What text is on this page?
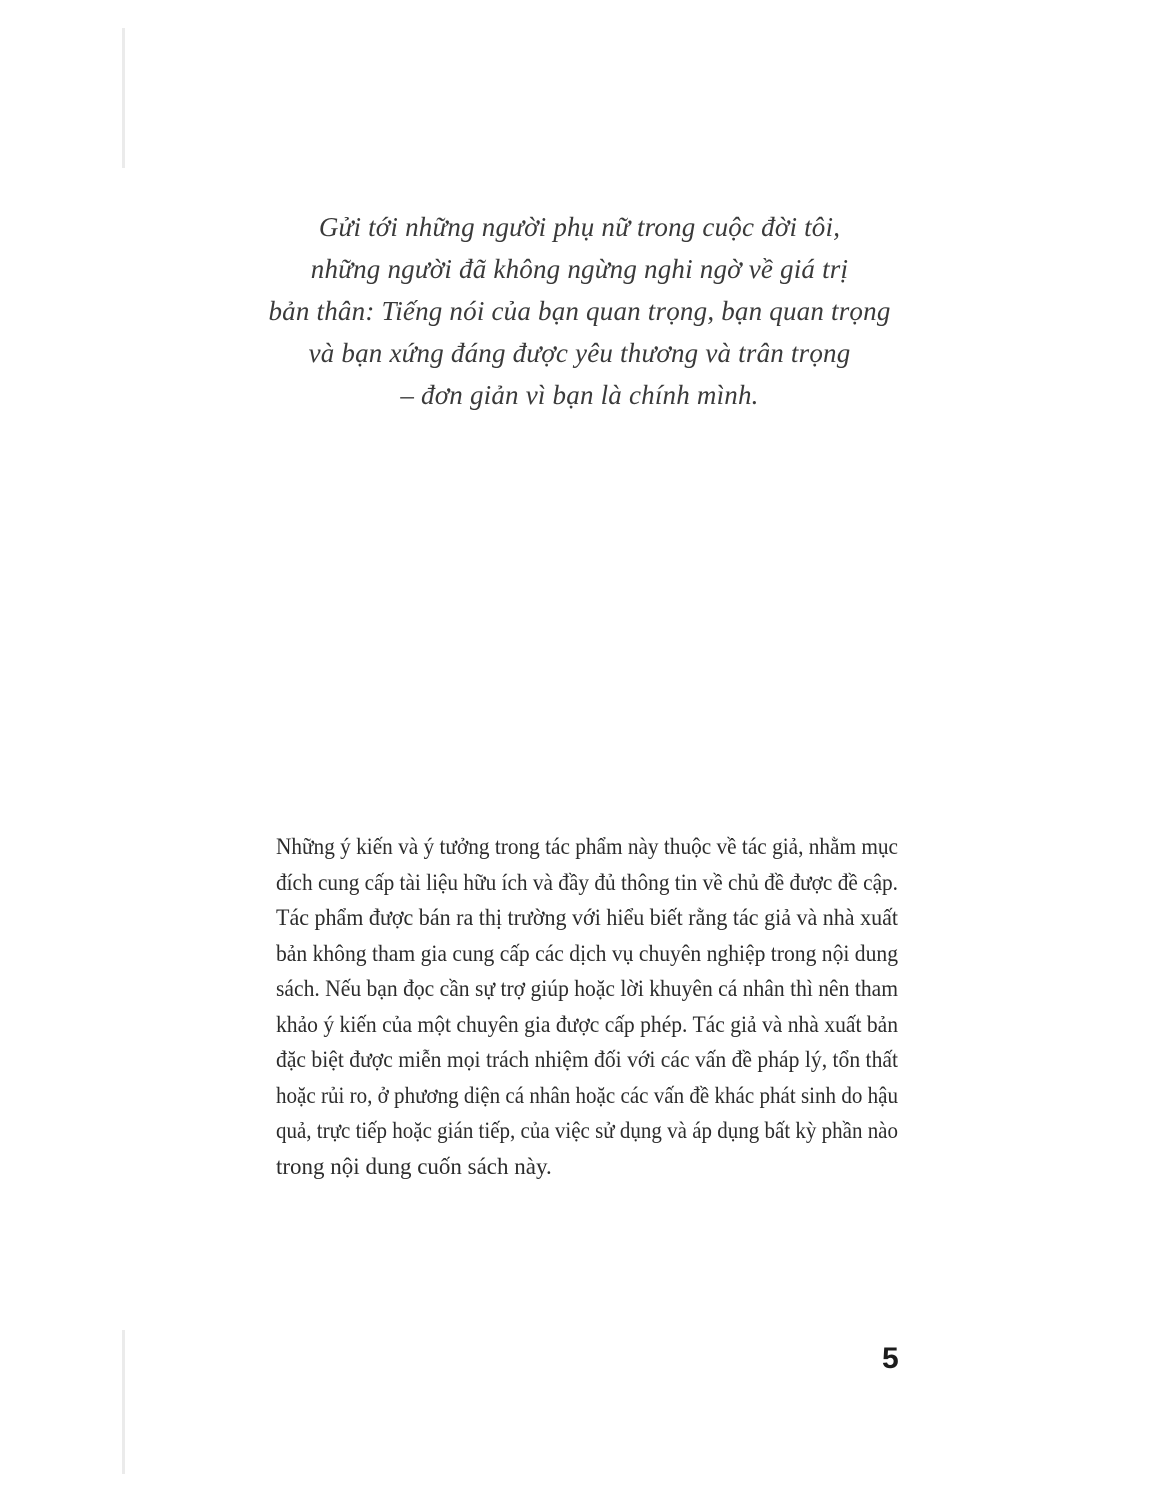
Gửi tới những người phụ nữ trong cuộc đời tôi,
những người đã không ngừng nghi ngờ về giá trị
bản thân: Tiếng nói của bạn quan trọng, bạn quan trọng
và bạn xứng đáng được yêu thương và trân trọng
– đơn giản vì bạn là chính mình.
Những ý kiến và ý tưởng trong tác phẩm này thuộc về tác giả, nhằm mục
đích cung cấp tài liệu hữu ích và đầy đủ thông tin về chủ đề được đề cập.
Tác phẩm được bán ra thị trường với hiểu biết rằng tác giả và nhà xuất
bản không tham gia cung cấp các dịch vụ chuyên nghiệp trong nội dung
sách. Nếu bạn đọc cần sự trợ giúp hoặc lời khuyên cá nhân thì nên tham
khảo ý kiến của một chuyên gia được cấp phép. Tác giả và nhà xuất bản
đặc biệt được miễn mọi trách nhiệm đối với các vấn đề pháp lý, tổn thất
hoặc rủi ro, ở phương diện cá nhân hoặc các vấn đề khác phát sinh do hậu
quả, trực tiếp hoặc gián tiếp, của việc sử dụng và áp dụng bất kỳ phần nào
trong nội dung cuốn sách này.
5
